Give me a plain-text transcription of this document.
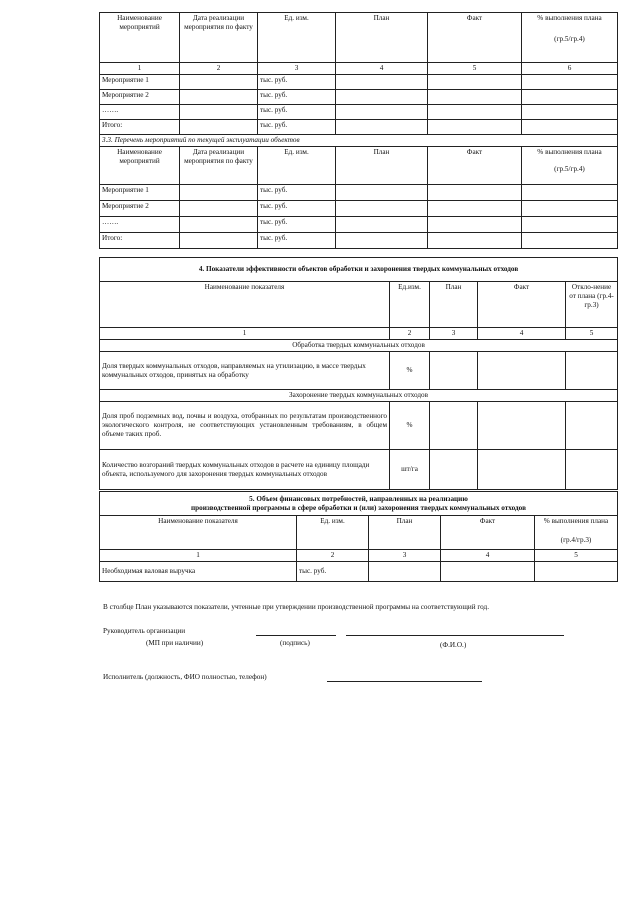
Наименование мероприятий	Дата реализации мероприятия по факту	Ед. изм.	План	Факт	% выполнения плана
(гр.5/гр.4)

1	2	3	4	5	6
Мероприятие 1		тыс. руб.			
Мероприятие 2		тыс. руб.			
…….		тыс. руб.			
Итого:		тыс. руб.			
3.3. Перечень мероприятий по текущей эксплуатации объектов					
Наименование мероприятий	Дата реализации мероприятия по факту	Ед. изм.	План	Факт	% выполнения плана
(гр.5/гр.4)

Мероприятие 1		тыс. руб.			
Мероприятие 2		тыс. руб.			
…….		тыс. руб.			
Итого:		тыс. руб.			
4. Показатели эффективности объектов обработки и захоронения твердых коммунальных отходов				
Наименование показателя	Ед.изм.	План	Факт	Откло-нение от плана (гр.4-гр.3)
1	2	3	4	5
Обработка твердых коммунальных отходов				
Доля твердых коммунальных отходов, направляемых на утилизацию, в массе твердых коммунальных отходов, принятых на обработку	%			
Захоронение твердых коммунальных отходов				
Доля проб подземных вод, почвы и воздуха, отобранных по результатам производственного экологического контроля, не соответствующих установленным требованиям, в общем объеме таких проб.	%			
Количество возгораний твердых коммунальных отходов в расчете на единицу площади объекта, используемого для захоронения твердых коммунальных отходов	шт/га			
5. Объем финансовых потребностей, направленных на реализацию
производственной программы в сфере обработки и (или) захоронения твердых коммунальных отходов				

Наименование показателя	Ед. изм.	План	Факт	% выполнения плана
(гр.4/гр.3)

1	2	3	4	5
Необходимая валовая выручка	тыс. руб.			
В столбце План указываются показатели, учтенные при утверждении производственной программы на соответствующий год.
Руководитель организации
(МП при наличии)	(подпись)	(Ф.И.О.)
Исполнитель (должность, ФИО полностью, телефон)
